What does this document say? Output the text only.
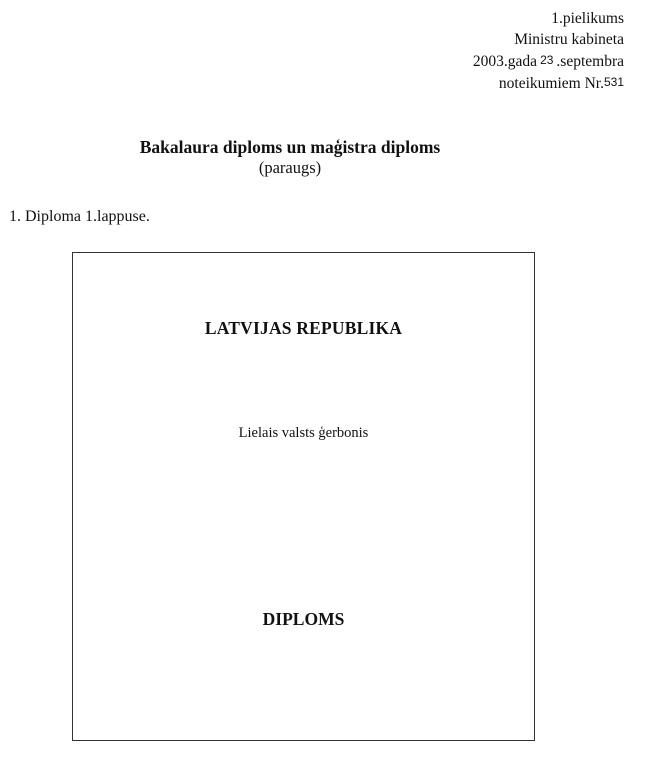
1.pielikums
Ministru kabineta
2003.gada 23 .septembra
noteikumiem Nr.531

Bakalaura diploms un maģistra diploms

(paraugs)

1. Diploma 1.lappuse.

LATVIJAS REPUBLIKA

Lielais valsts ģerbonis

DIPLOMS
